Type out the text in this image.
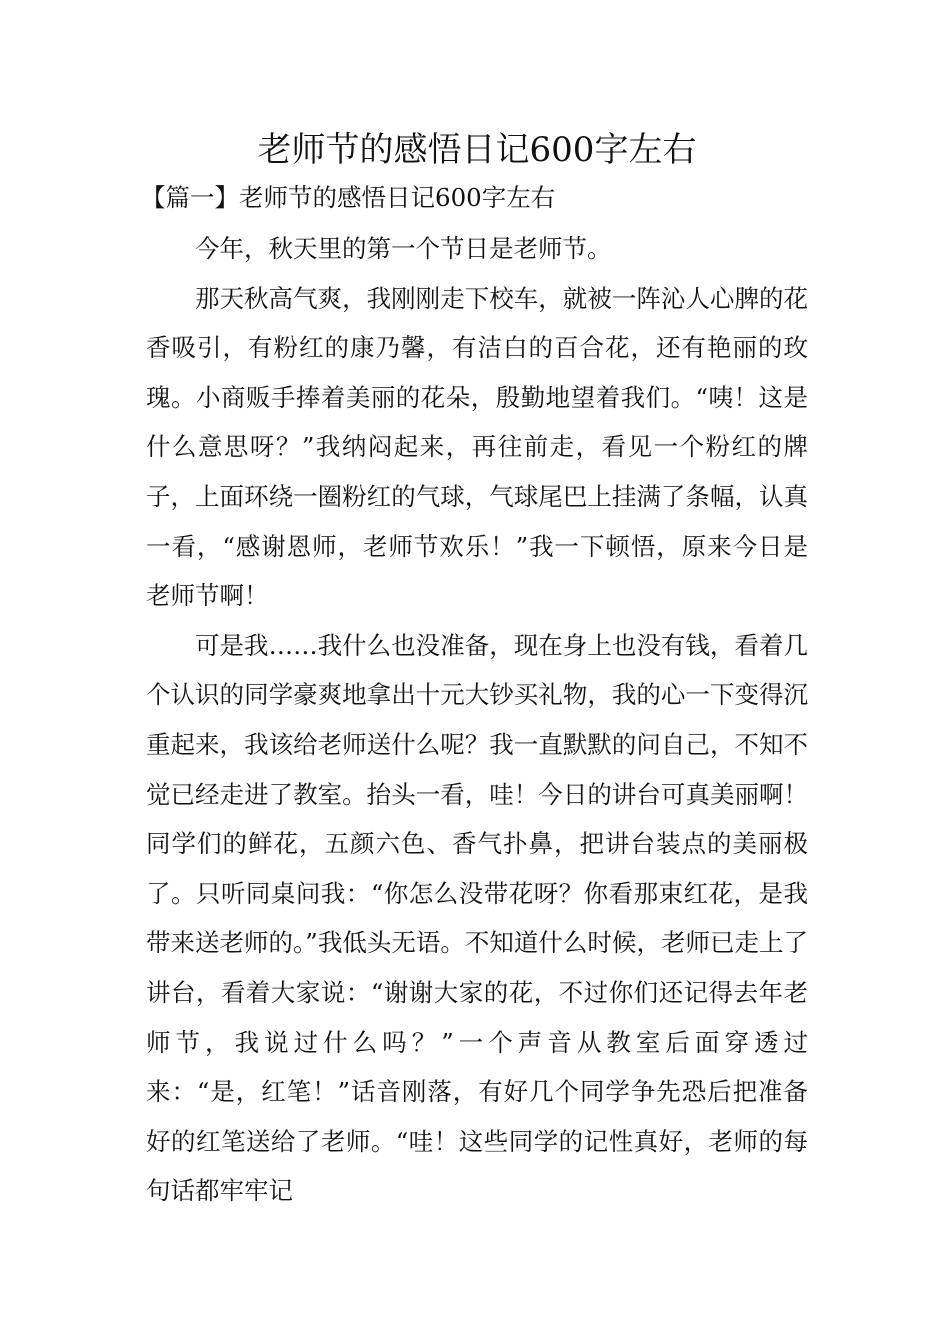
老师节的感悟日记600字左右
【篇一】老师节的感悟日记600字左右

今年，秋天里的第一个节日是老师节。

那天秋高气爽，我刚刚走下校车，就被一阵沁人心脾的花香吸引，有粉红的康乃馨，有洁白的百合花，还有艳丽的玫瑰。小商贩手捧着美丽的花朵，殷勤地望着我们。“咦！这是什么意思呀？”我纳闷起来，再往前走，看见一个粉红的牌子，上面环绕一圈粉红的气球，气球尾巴上挂满了条幅，认真一看，“感谢恩师，老师节欢乐！”我一下顿悟，原来今日是老师节啊！

可是我……我什么也没准备，现在身上也没有钱，看着几个认识的同学豪爽地拿出十元大钞买礼物，我的心一下变得沉重起来，我该给老师送什么呢？我一直默默的问自己，不知不觉已经走进了教室。抬头一看，哇！今日的讲台可真美丽啊！同学们的鲜花，五颜六色、香气扑鼻，把讲台装点的美丽极了。只听同桌问我：“你怎么没带花呀？你看那束红花，是我带来送老师的。”我低头无语。不知道什么时候，老师已走上了讲台，看着大家说：“谢谢大家的花，不过你们还记得去年老师节，我说过什么吗？”一个声音从教室后面穿透过来：“是，红笔！”话音刚落，有好几个同学争先恐后把准备好的红笔送给了老师。“哇！这些同学的记性真好，老师的每句话都牢牢记
